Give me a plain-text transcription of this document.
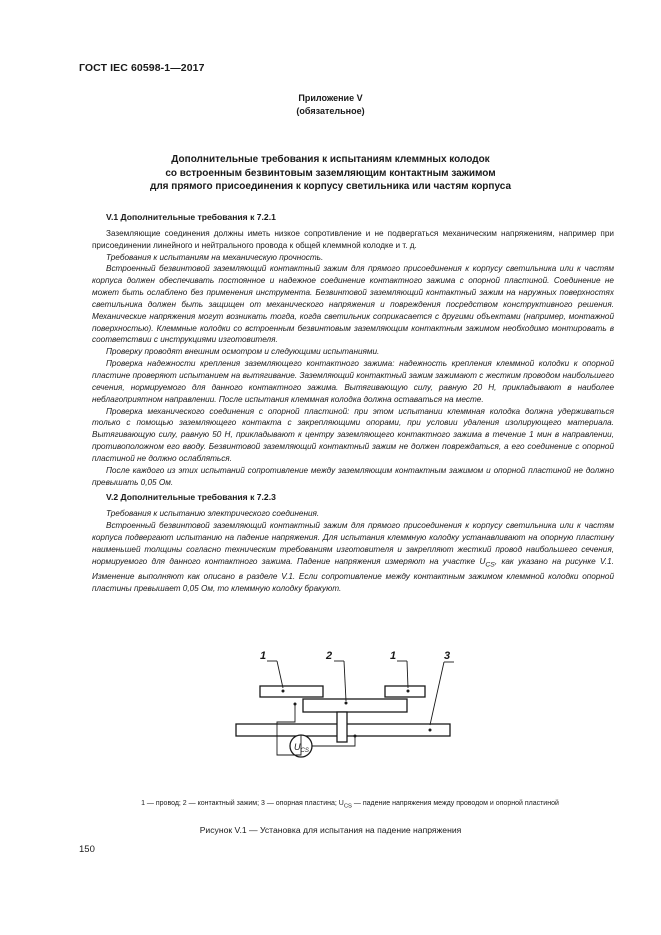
ГОСТ IEC 60598-1—2017
Приложение V
(обязательное)
Дополнительные требования к испытаниям клеммных колодок
со встроенным безвинтовым заземляющим контактным зажимом
для прямого присоединения к корпусу светильника или частям корпуса
V.1 Дополнительные требования к 7.2.1

Заземляющие соединения должны иметь низкое сопротивление и не подвергаться механическим напряжениям, например при присоединении линейного и нейтрального провода к общей клеммной колодке и т. д.

Требования к испытаниям на механическую прочность.

Встроенный безвинтовой заземляющий контактный зажим для прямого присоединения к корпусу светильника или к частям корпуса должен обеспечивать постоянное и надежное соединение контактного зажима с опорной пластиной. Соединение не может быть ослаблено без применения инструмента. Безвинтовой заземляющий контактный зажим на наружных поверхностях светильника должен быть защищен от механического напряжения и повреждения посредством конструктивного решения. Механические напряжения могут возникать тогда, когда светильник соприкасается с другими объектами (например, монтажной поверхностью). Клеммные колодки со встроенным безвинтовым заземляющим контактным зажимом необходимо монтировать в соответствии с инструкциями изготовителя.

Проверку проводят внешним осмотром и следующими испытаниями.

Проверка надежности крепления заземляющего контактного зажима: надежность крепления клеммной колодки к опорной пластине проверяют испытанием на вытягивание. Заземляющий контактный зажим зажимают с жестким проводом наибольшего сечения, нормируемого для данного контактного зажима. Вытягивающую силу, равную 20 Н, прикладывают в наиболее неблагоприятном направлении. После испытания клеммная колодка должна оставаться на месте.

Проверка механического соединения с опорной пластиной: при этом испытании клеммная колодка должна удерживаться только с помощью заземляющего контакта с закрепляющими опорами, при условии удаления изолирующего материала. Вытягивающую силу, равную 50 Н, прикладывают к центру заземляющего контактного зажима в течение 1 мин в направлении, противоположном его вводу. Безвинтовой заземляющий контактный зажим не должен повреждаться, а его соединение с опорной пластиной не должно ослабляться.

После каждого из этих испытаний сопротивление между заземляющим контактным зажимом и опорной пластиной не должно превышать 0,05 Ом.

V.2 Дополнительные требования к 7.2.3

Требования к испытанию электрического соединения.

Встроенный безвинтовой заземляющий контактный зажим для прямого присоединения к корпусу светильника или к частям корпуса подвергают испытанию на падение напряжения. Для испытания клеммную колодку устанавливают на опорную пластину наименьшей толщины согласно техническим требованиям изготовителя и закрепляют жесткий провод наибольшего сечения, нормируемого для данного контактного зажима. Падение напряжения измеряют на участке $U_{CS}$, как указано на рисунке V.1. Изменение выполняют как описано в разделе V.1. Если сопротивление между контактным зажимом клеммной колодки опорной пластины превышает 0,05 Ом, то клеммную колодку бракуют.

1	2	1	3
$U_{CS}$
1 — провод; 2 — контактный зажим; 3 — опорная пластина; $U_{CS}$ — падение напряжения между проводом и опорной пластиной
Рисунок V.1 — Установка для испытания на падение напряжения
150
